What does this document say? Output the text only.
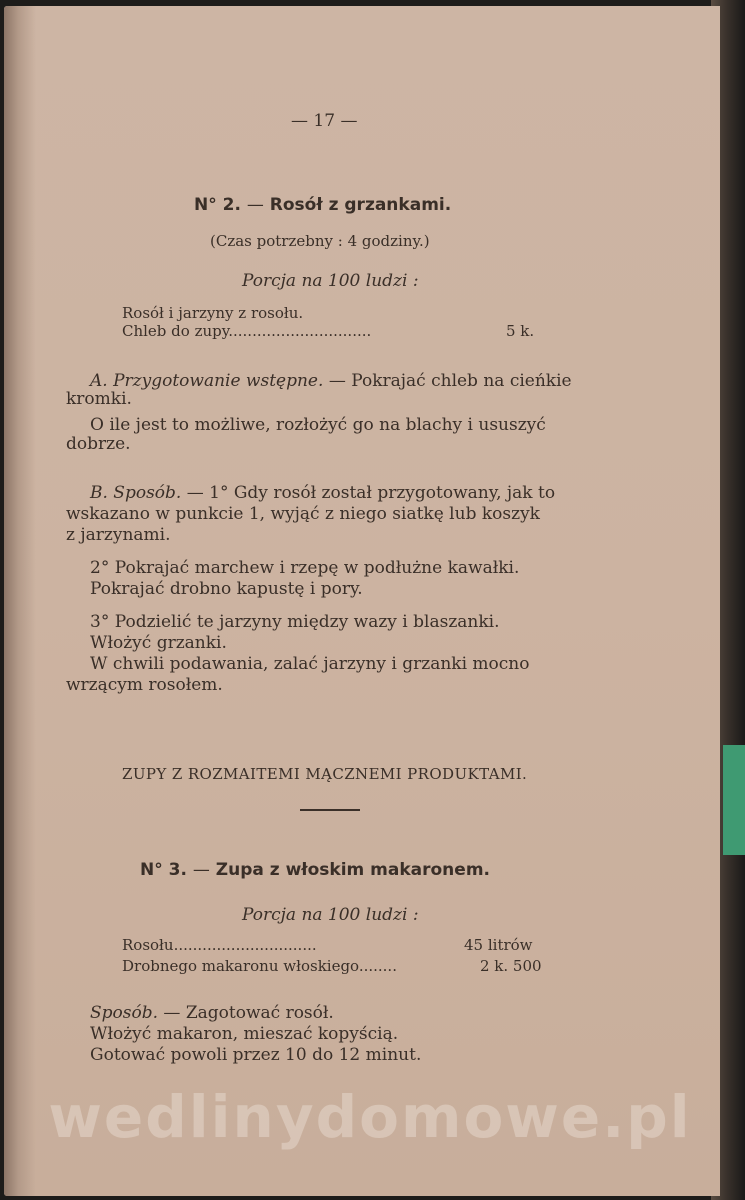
— 17 —
N° 2. — Rosół z grzankami.
(Czas potrzebny : 4 godziny.)
Porcja na 100 ludzi :
Rosół i jarzyny z rosołu.
Chleb do zupy..............................	5 k.
A. Przygotowanie wstępne. — Pokrajać chleb na cieńkie
kromki.
O ile jest to możliwe, rozłożyć go na blachy i ususzyć
dobrze.
B. Sposób. — 1° Gdy rosół został przygotowany, jak to
wskazano w punkcie 1, wyjąć z niego siatkę lub koszyk
z jarzynami.
2° Pokrajać marchew i rzepę w podłużne kawałki.
Pokrajać drobno kapustę i pory.
3° Podzielić te jarzyny między wazy i blaszanki.
Włożyć grzanki.
W chwili podawania, zalać jarzyny i grzanki mocno
wrzącym rosołem.
ZUPY Z ROZMAITEMI MĄCZNEMI PRODUKTAMI.
N° 3. — Zupa z włoskim makaronem.
Porcja na 100 ludzi :
Rosołu..............................	45 litrów
Drobnego makaronu włoskiego........	2 k. 500
Sposób. — Zagotować rosół.
Włożyć makaron, mieszać kopyścią.
Gotować powoli przez 10 do 12 minut.
wedlinydomowe.pl
